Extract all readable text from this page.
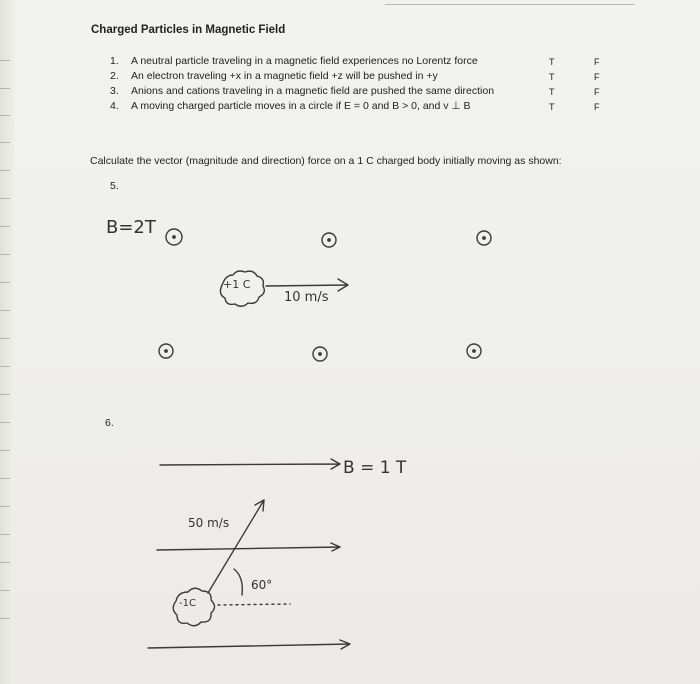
Charged Particles in Magnetic Field
1. A neutral particle traveling in a magnetic field experiences no Lorentz force	T	F
2. An electron traveling +x in a magnetic field +z will be pushed in +y	T	F
3. Anions and cations traveling in a magnetic field are pushed the same direction	T	F
4. A moving charged particle moves in a circle if E = 0 and B > 0, and v ⊥ B	T	F
Calculate the vector (magnitude and direction) force on a 1 C charged body initially moving as shown:
5.
6.
B=2T
+1 C
10 m/s
B = 1 T
50 m/s
-1C
60°
